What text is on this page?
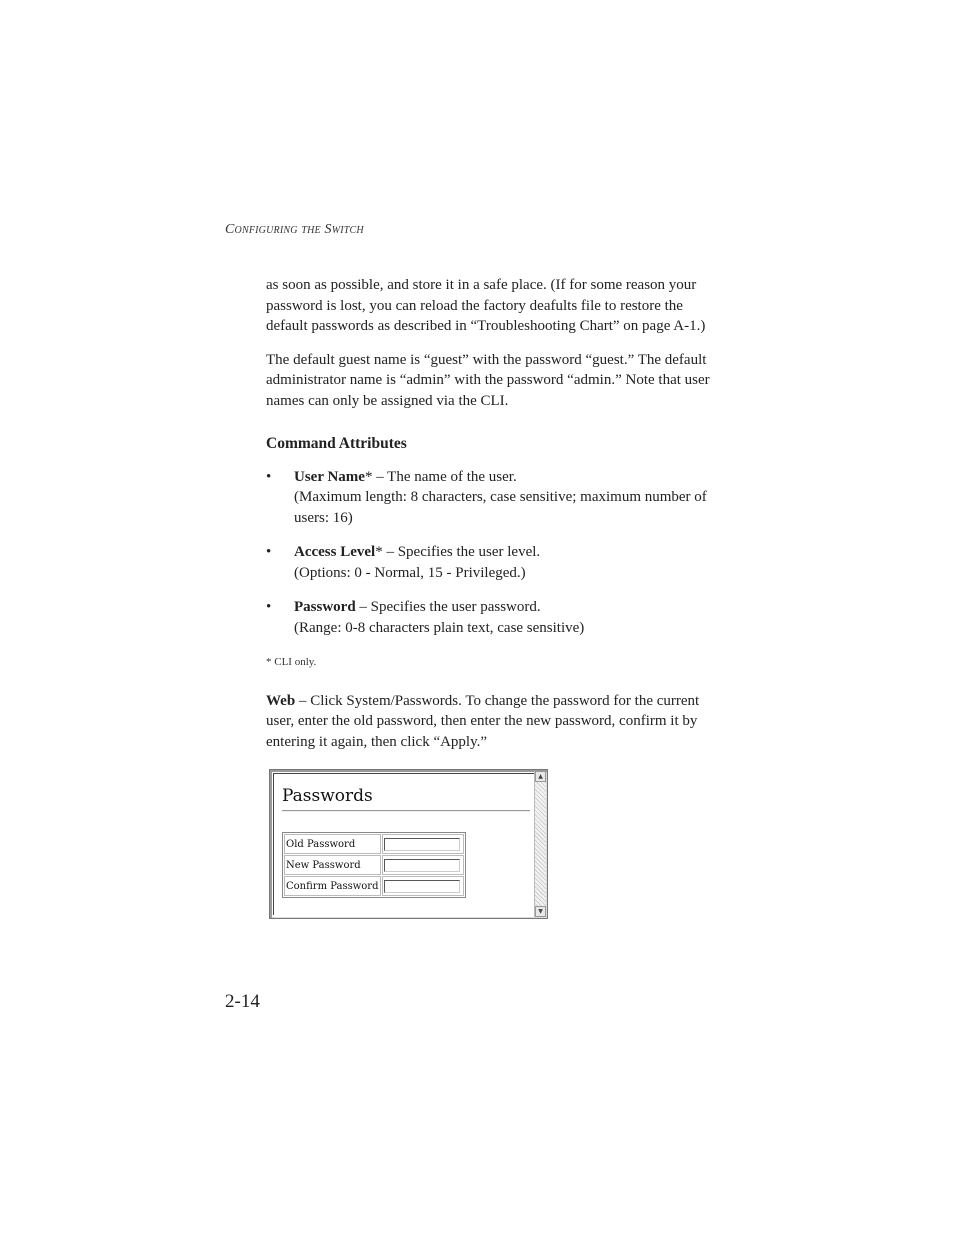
Configuring the Switch

as soon as possible, and store it in a safe place. (If for some reason your password is lost, you can reload the factory deafults file to restore the default passwords as described in “Troubleshooting Chart” on page A-1.)

The default guest name is “guest” with the password “guest.” The default administrator name is “admin” with the password “admin.” Note that user names can only be assigned via the CLI.

Command Attributes
• User Name* – The name of the user.
(Maximum length: 8 characters, case sensitive; maximum number of users: 16)
• Access Level* – Specifies the user level.
(Options: 0 - Normal, 15 - Privileged.)
• Password – Specifies the user password.
(Range: 0-8 characters plain text, case sensitive)
* CLI only.

Web – Click System/Passwords. To change the password for the current user, enter the old password, then enter the new password, confirm it by entering it again, then click “Apply.”

Passwords
Old Password	

New Password	

Confirm Password	
▲
▼
2-14
